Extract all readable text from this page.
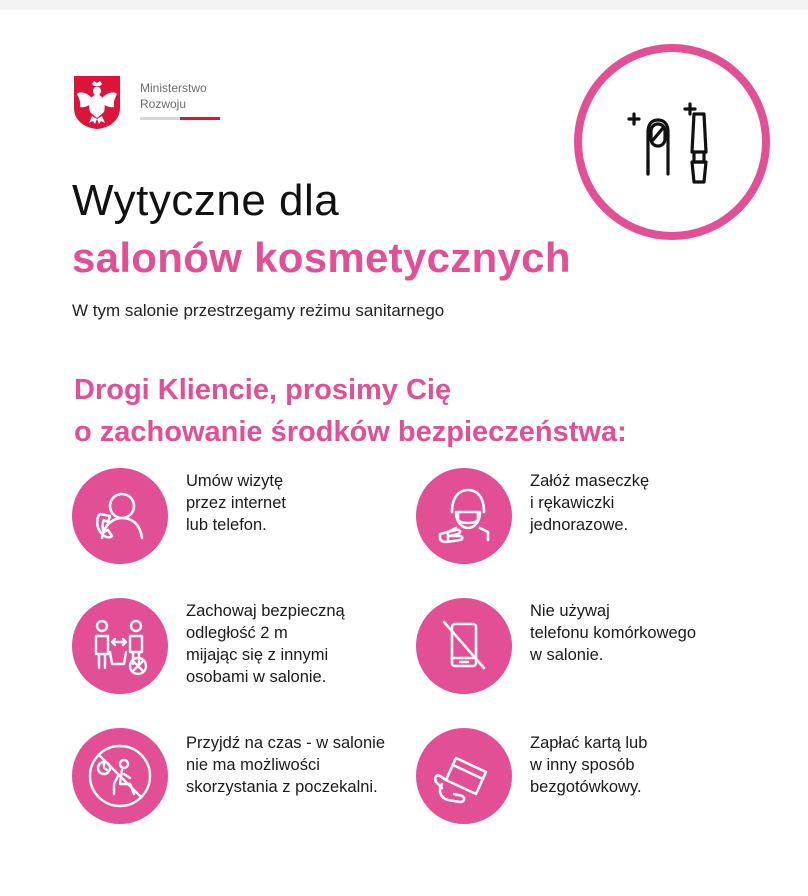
Ministerstwo
Rozwoju
Wytyczne dla
salonów kosmetycznych
W tym salonie przestrzegamy reżimu sanitarnego
Drogi Kliencie, prosimy Cię
o zachowanie środków bezpieczeństwa:
Umów wizytę
przez internet
lub telefon.
Załóż maseczkę
i rękawiczki
jednorazowe.
Zachowaj bezpieczną
odległość 2 m
mijając się z innymi
osobami w salonie.
Nie używaj
telefonu komórkowego
w salonie.
Przyjdź na czas - w salonie
nie ma możliwości
skorzystania z poczekalni.
Zapłać kartą lub
w inny sposób
bezgotówkowy.
